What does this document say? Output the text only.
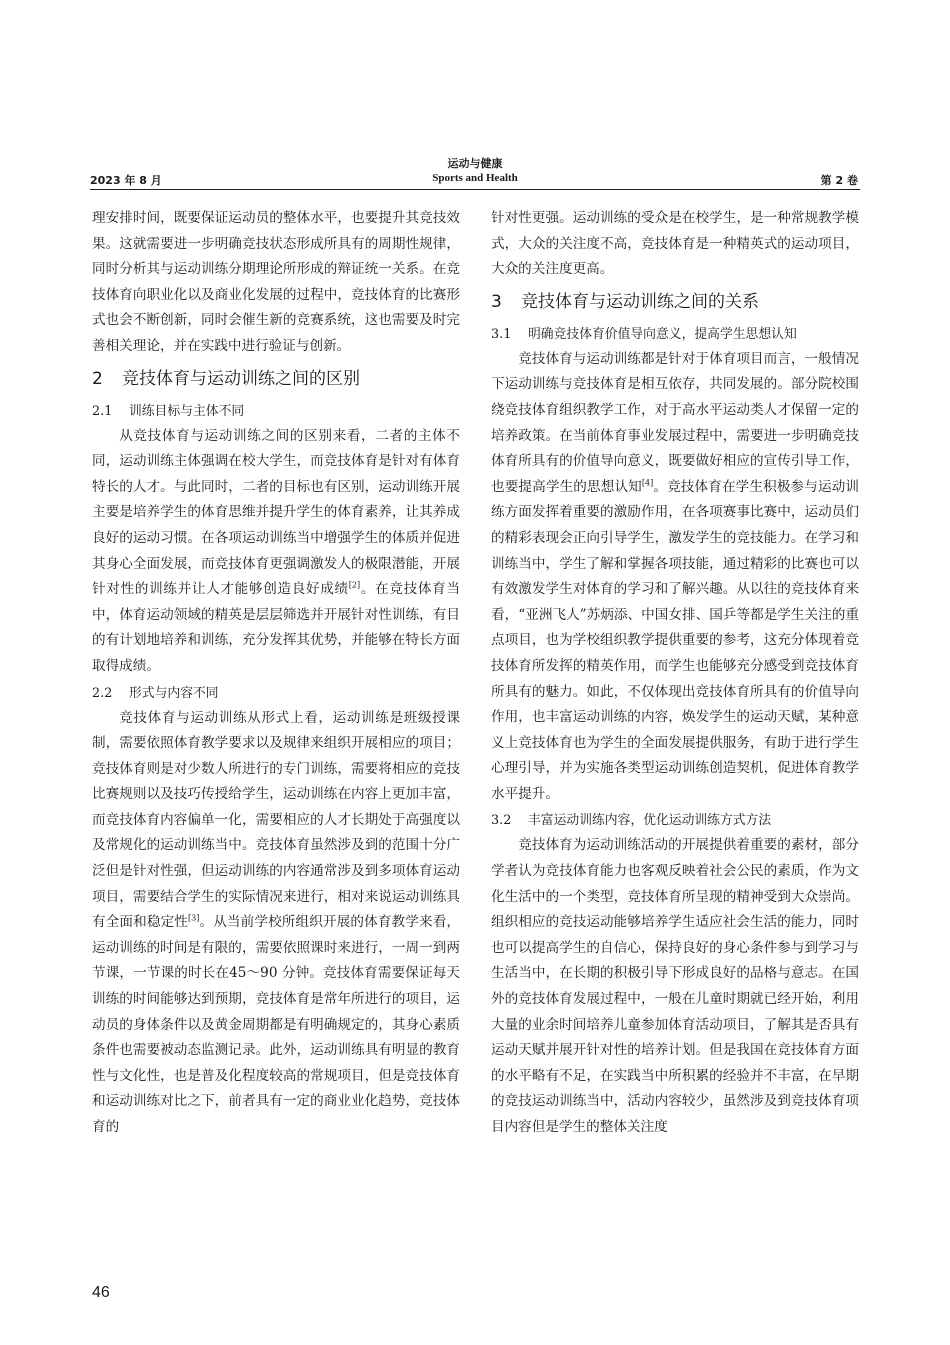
运动与健康
Sports and Health
2023 年 8 月	第 2 卷

理安排时间，既要保证运动员的整体水平，也要提升其竞技效果。这就需要进一步明确竞技状态形成所具有的周期性规律，同时分析其与运动训练分期理论所形成的辩证统一关系。在竞技体育向职业化以及商业化发展的过程中，竞技体育的比赛形式也会不断创新，同时会催生新的竞赛系统，这也需要及时完善相关理论，并在实践中进行验证与创新。

2 竞技体育与运动训练之间的区别
2.1 训练目标与主体不同

从竞技体育与运动训练之间的区别来看，二者的主体不同，运动训练主体强调在校大学生，而竞技体育是针对有体育特长的人才。与此同时，二者的目标也有区别，运动训练开展主要是培养学生的体育思维并提升学生的体育素养，让其养成良好的运动习惯。在各项运动训练当中增强学生的体质并促进其身心全面发展，而竞技体育更强调激发人的极限潜能，开展针对性的训练并让人才能够创造良好成绩[2]。在竞技体育当中，体育运动领域的精英是层层筛选并开展针对性训练，有目的有计划地培养和训练，充分发挥其优势，并能够在特长方面取得成绩。

2.2 形式与内容不同

竞技体育与运动训练从形式上看，运动训练是班级授课制，需要依照体育教学要求以及规律来组织开展相应的项目；竞技体育则是对少数人所进行的专门训练，需要将相应的竞技比赛规则以及技巧传授给学生，运动训练在内容上更加丰富，而竞技体育内容偏单一化，需要相应的人才长期处于高强度以及常规化的运动训练当中。竞技体育虽然涉及到的范围十分广泛但是针对性强，但运动训练的内容通常涉及到多项体育运动项目，需要结合学生的实际情况来进行，相对来说运动训练具有全面和稳定性[3]。从当前学校所组织开展的体育教学来看，运动训练的时间是有限的，需要依照课时来进行，一周一到两节课，一节课的时长在45～90 分钟。竞技体育需要保证每天训练的时间能够达到预期，竞技体育是常年所进行的项目，运动员的身体条件以及黄金周期都是有明确规定的，其身心素质条件也需要被动态监测记录。此外，运动训练具有明显的教育性与文化性，也是普及化程度较高的常规项目，但是竞技体育和运动训练对比之下，前者具有一定的商业业化趋势，竞技体育的

针对性更强。运动训练的受众是在校学生，是一种常规教学模式，大众的关注度不高，竞技体育是一种精英式的运动项目，大众的关注度更高。

3 竞技体育与运动训练之间的关系
3.1 明确竞技体育价值导向意义，提高学生思想认知

竞技体育与运动训练都是针对于体育项目而言，一般情况下运动训练与竞技体育是相互依存，共同发展的。部分院校围绕竞技体育组织教学工作，对于高水平运动类人才保留一定的培养政策。在当前体育事业发展过程中，需要进一步明确竞技体育所具有的价值导向意义，既要做好相应的宣传引导工作，也要提高学生的思想认知[4]。竞技体育在学生积极参与运动训练方面发挥着重要的激励作用，在各项赛事比赛中，运动员们的精彩表现会正向引导学生，激发学生的竞技能力。在学习和训练当中，学生了解和掌握各项技能，通过精彩的比赛也可以有效激发学生对体育的学习和了解兴趣。从以往的竞技体育来看，“亚洲飞人”苏炳添、中国女排、国乒等都是学生关注的重点项目，也为学校组织教学提供重要的参考，这充分体现着竞技体育所发挥的精英作用，而学生也能够充分感受到竞技体育所具有的魅力。如此，不仅体现出竞技体育所具有的价值导向作用，也丰富运动训练的内容，焕发学生的运动天赋，某种意义上竞技体育也为学生的全面发展提供服务，有助于进行学生心理引导，并为实施各类型运动训练创造契机，促进体育教学水平提升。

3.2 丰富运动训练内容，优化运动训练方式方法

竞技体育为运动训练活动的开展提供着重要的素材，部分学者认为竞技体育能力也客观反映着社会公民的素质，作为文化生活中的一个类型，竞技体育所呈现的精神受到大众崇尚。组织相应的竞技运动能够培养学生适应社会生活的能力，同时也可以提高学生的自信心，保持良好的身心条件参与到学习与生活当中，在长期的积极引导下形成良好的品格与意志。在国外的竞技体育发展过程中，一般在儿童时期就已经开始，利用大量的业余时间培养儿童参加体育活动项目，了解其是否具有运动天赋并展开针对性的培养计划。但是我国在竞技体育方面的水平略有不足，在实践当中所积累的经验并不丰富，在早期的竞技运动训练当中，活动内容较少，虽然涉及到竞技体育项目内容但是学生的整体关注度

46
